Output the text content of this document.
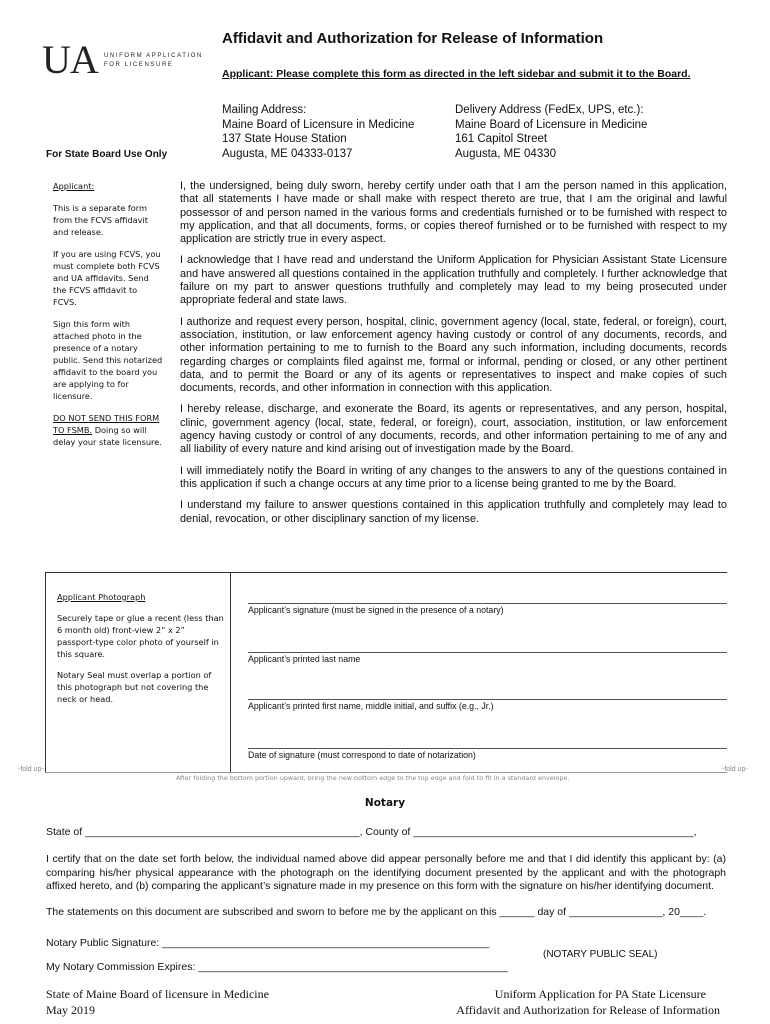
UA UNIFORM APPLICATION
FOR LICENSURE
Affidavit and Authorization for Release of Information
Applicant: Please complete this form as directed in the left sidebar and submit it to the Board.
Mailing Address:
Maine Board of Licensure in Medicine
137 State House Station
Augusta, ME 04333-0137
Delivery Address (FedEx, UPS, etc.):
Maine Board of Licensure in Medicine
161 Capitol Street
Augusta, ME 04330
For State Board Use Only

Applicant:

This is a separate form from the FCVS affidavit and release.

If you are using FCVS, you must complete both FCVS and UA affidavits. Send the FCVS affidavit to FCVS.

Sign this form with attached photo in the presence of a notary public. Send this notarized affidavit to the board you are applying to for licensure.

DO NOT SEND THIS FORM TO FSMB. Doing so will delay your state licensure.

I, the undersigned, being duly sworn, hereby certify under oath that I am the person named in this application, that all statements I have made or shall make with respect thereto are true, that I am the original and lawful possessor of and person named in the various forms and credentials furnished or to be furnished with respect to my application, and that all documents, forms, or copies thereof furnished or to be furnished with respect to my application are strictly true in every aspect.

I acknowledge that I have read and understand the Uniform Application for Physician Assistant State Licensure and have answered all questions contained in the application truthfully and completely. I further acknowledge that failure on my part to answer questions truthfully and completely may lead to my being prosecuted under appropriate federal and state laws.

I authorize and request every person, hospital, clinic, government agency (local, state, federal, or foreign), court, association, institution, or law enforcement agency having custody or control of any documents, records, and other information pertaining to me to furnish to the Board any such information, including documents, records regarding charges or complaints filed against me, formal or informal, pending or closed, or any other pertinent data, and to permit the Board or any of its agents or representatives to inspect and make copies of such documents, records, and other information in connection with this application.

I hereby release, discharge, and exonerate the Board, its agents or representatives, and any person, hospital, clinic, government agency (local, state, federal, or foreign), court, association, institution, or law enforcement agency having custody or control of any documents, records, and other information pertaining to me of any and all liability of every nature and kind arising out of investigation made by the Board.

I will immediately notify the Board in writing of any changes to the answers to any of the questions contained in this application if such a change occurs at any time prior to a license being granted to me by the Board.

I understand my failure to answer questions contained in this application truthfully and completely may lead to denial, revocation, or other disciplinary sanction of my license.

Applicant Photograph

Securely tape or glue a recent (less than 6 month old) front-view 2” x 2” passport-type color photo of yourself in this square.

Notary Seal must overlap a portion of this photograph but not covering the neck or head.

Applicant’s signature (must be signed in the presence of a notary)
Applicant’s printed last name
Applicant’s printed first name, middle initial, and suffix (e.g., Jr.)
Date of signature (must correspond to date of notarization)
-fold up-	-fold up-
After folding the bottom portion upward, bring the new bottom edge to the top edge and fold to fit in a standard envelope.
Notary
State of _______________________________________________, County of ________________________________________________,
I certify that on the date set forth below, the individual named above did appear personally before me and that I did identify this applicant by: (a) comparing his/her physical appearance with the photograph on the identifying document presented by the applicant and with the photograph affixed hereto, and (b) comparing the applicant’s signature made in my presence on this form with the signature on his/her identifying document.
The statements on this document are subscribed and sworn to before me by the applicant on this ______ day of ________________, 20____.
Notary Public Signature: ________________________________________________________
(NOTARY PUBLIC SEAL)
My Notary Commission Expires: _____________________________________________________
State of Maine Board of licensure in Medicine
May 2019
Uniform Application for PA State Licensure
Affidavit and Authorization for Release of Information
